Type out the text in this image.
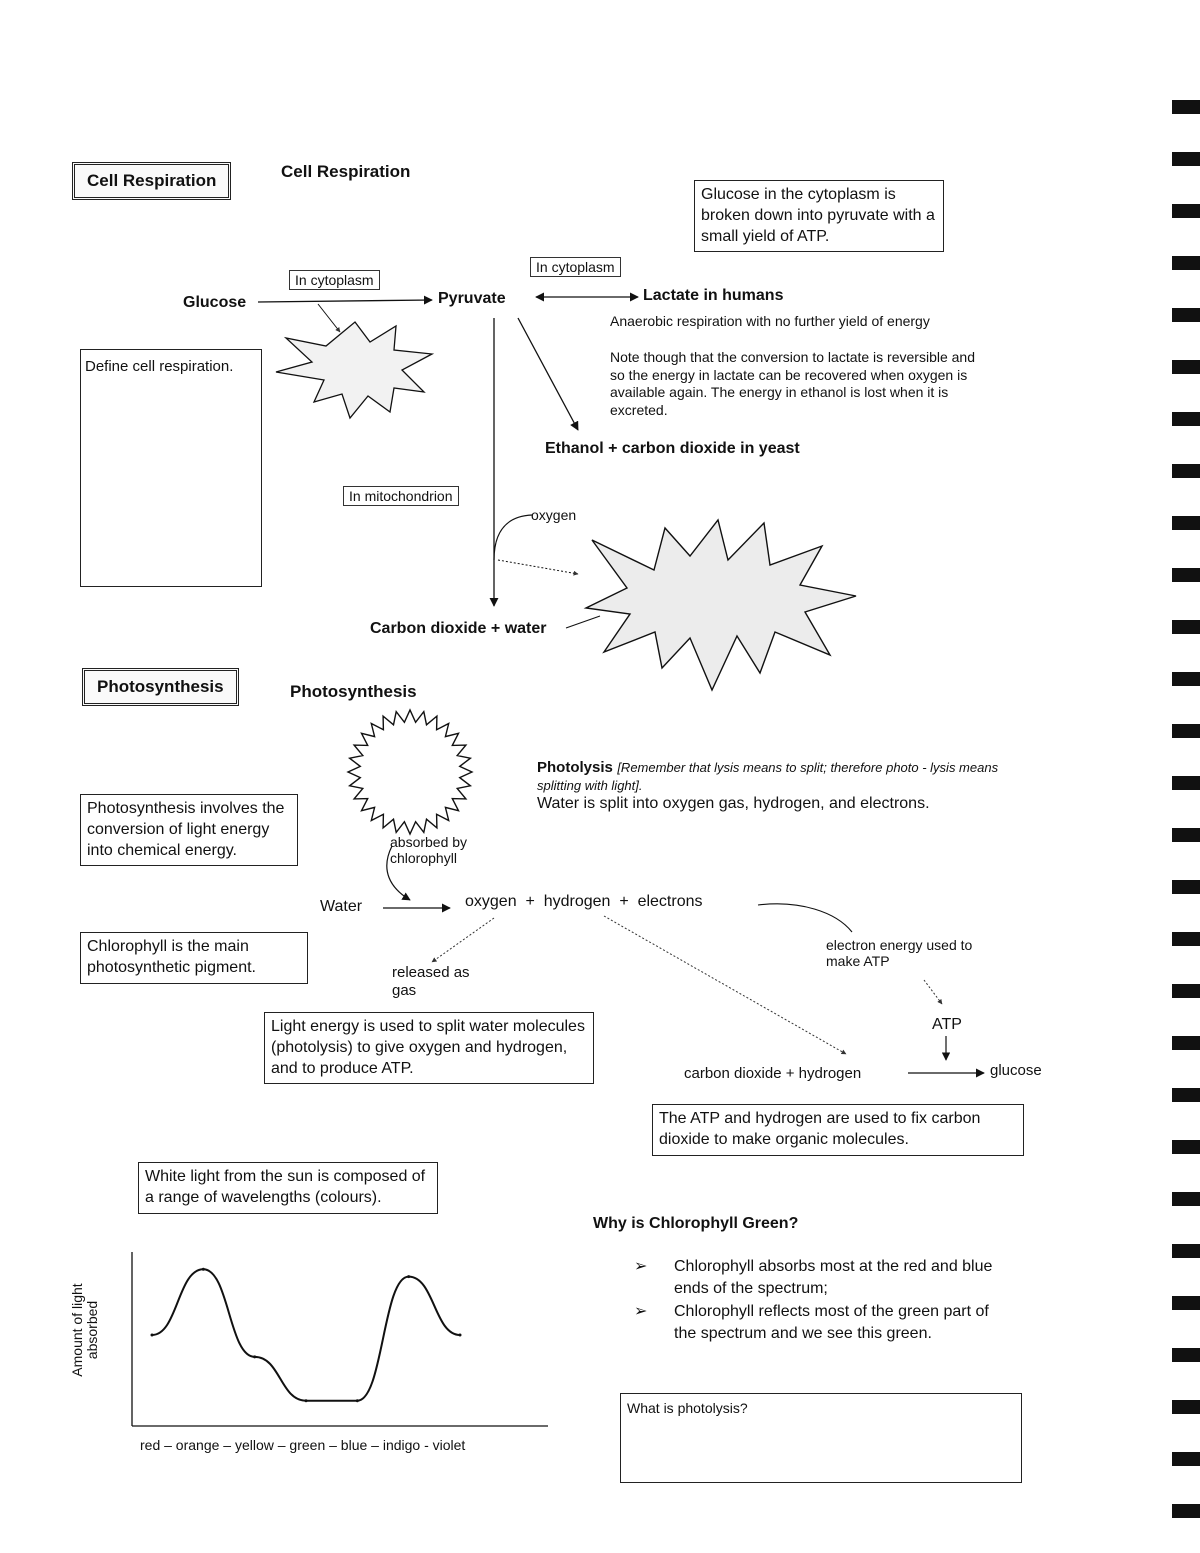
Cell Respiration	Cell Respiration
Glucose in the cytoplasm is broken down into pyruvate with a small yield of ATP.
In cytoplasm
In cytoplasm
Glucose	Pyruvate	Lactate in humans
Anaerobic respiration with no further yield of energy
Note though that the conversion to lactate is reversible and so the energy in lactate can be recovered when oxygen is available again. The energy in ethanol is lost when it is excreted.
Define cell respiration.
Ethanol + carbon dioxide in yeast
In mitochondrion
oxygen
Carbon dioxide + water
Photosynthesis	Photosynthesis
absorbed by chlorophyll
Photolysis [Remember that lysis means to split; therefore photo - lysis means splitting with light].
Water is split into oxygen gas, hydrogen, and electrons.
Photosynthesis involves the conversion of light energy into chemical energy.
Water	oxygen  +  hydrogen  +  electrons
electron energy used to make ATP
Chlorophyll is the main photosynthetic pigment.	released as gas
ATP
Light energy is used to split water molecules (photolysis) to give oxygen and hydrogen, and to produce ATP.	carbon dioxide + hydrogen	glucose
The ATP and hydrogen are used to fix carbon dioxide to make organic molecules.
White light from the sun is composed of a range of wavelengths (colours).
Why is Chlorophyll Green?
➢ Chlorophyll absorbs most at the red and blue ends of the spectrum;
➢ Chlorophyll reflects most of the green part of the spectrum and we see this green.
What is photolysis?
Amount of light absorbed
red – orange – yellow – green – blue – indigo - violet
